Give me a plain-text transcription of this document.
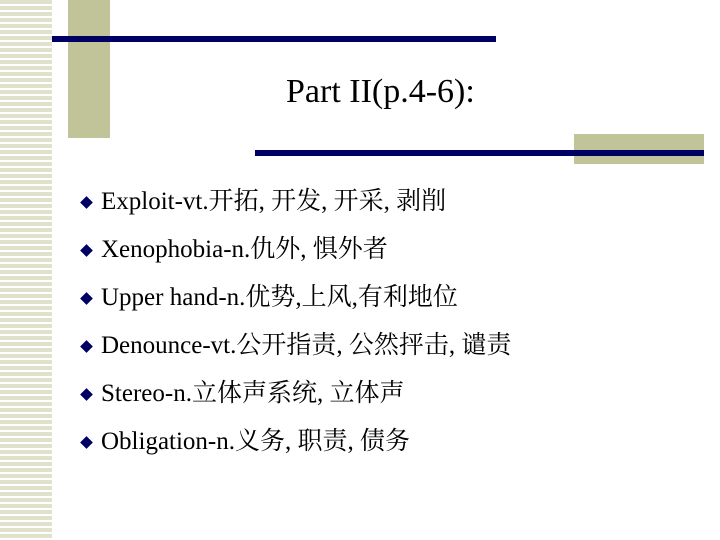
Part II(p.4-6):
Exploit-vt.开拓, 开发, 开采, 剥削
Xenophobia-n.仇外, 惧外者
Upper hand-n.优势,上风,有利地位
Denounce-vt.公开指责, 公然抨击, 谴责
Stereo-n.立体声系统, 立体声
Obligation-n.义务, 职责, 债务
